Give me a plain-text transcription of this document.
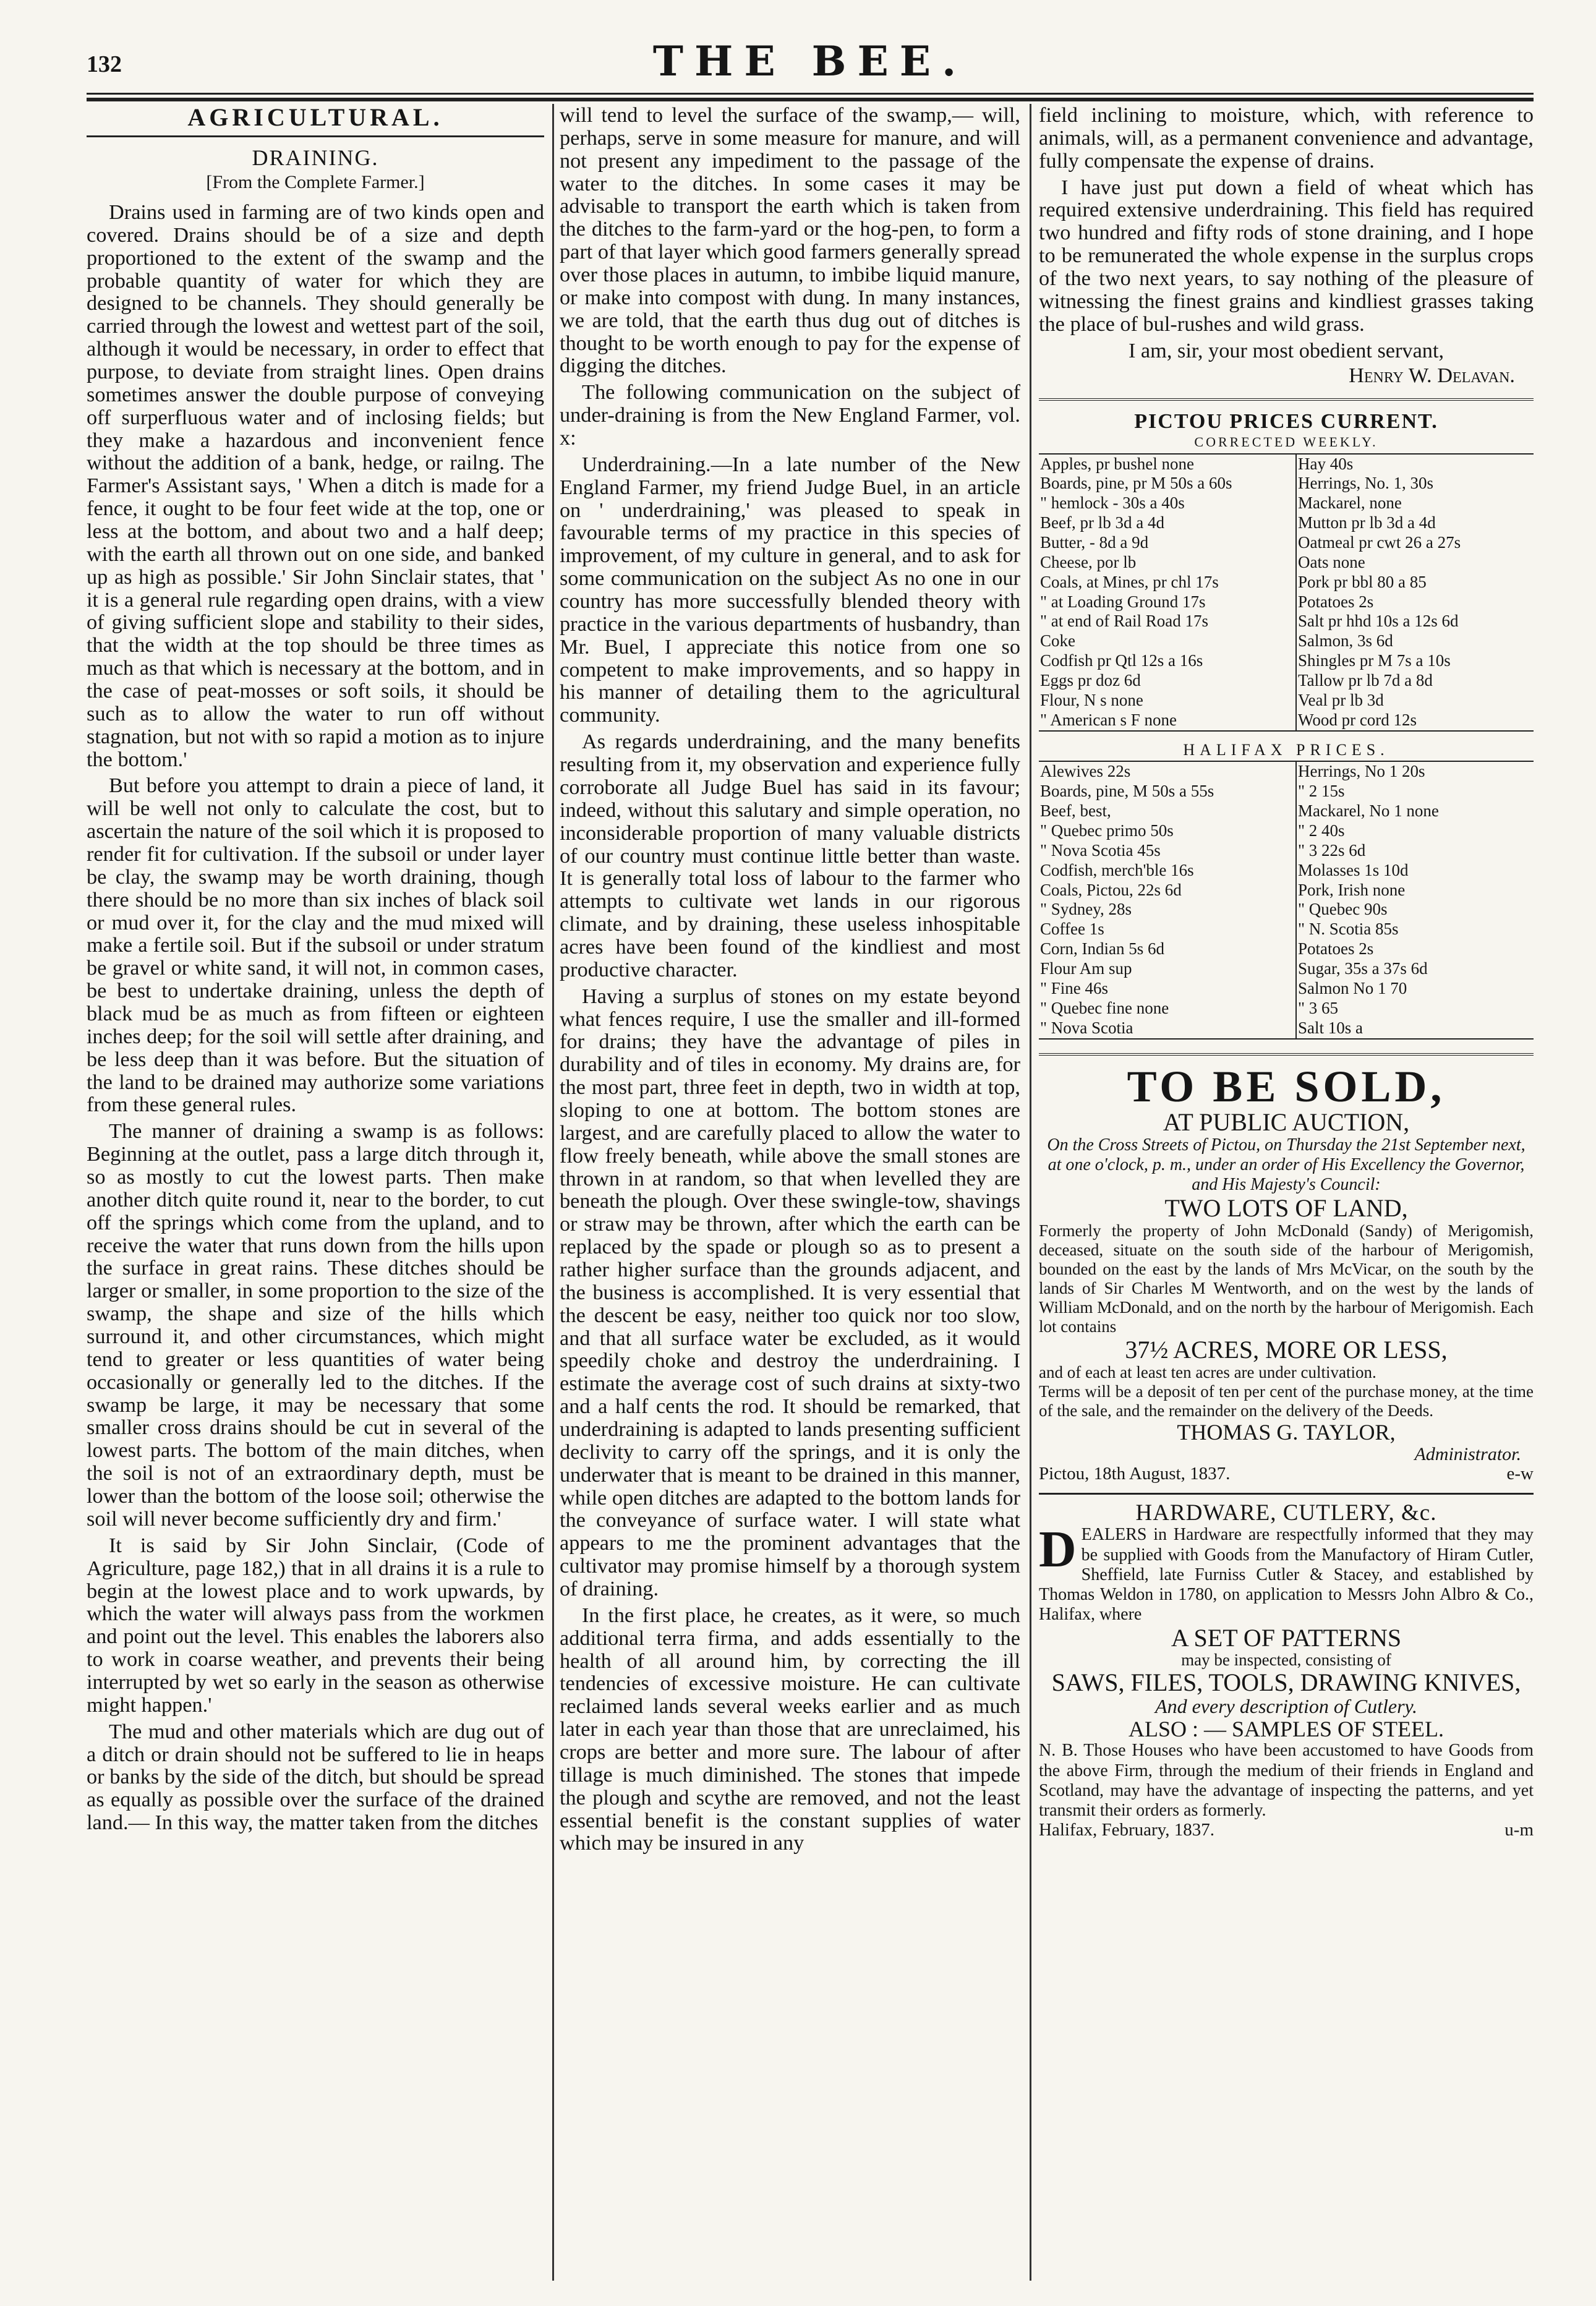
132	THE BEE.
AGRICULTURAL.
DRAINING.
[From the Complete Farmer.]

Drains used in farming are of two kinds open and covered. Drains should be of a size and depth proportioned to the extent of the swamp and the probable quantity of water for which they are designed to be channels. They should generally be carried through the lowest and wettest part of the soil, although it would be necessary, in order to effect that purpose, to deviate from straight lines. Open drains sometimes answer the double purpose of conveying off surperfluous water and of inclosing fields; but they make a hazardous and inconvenient fence without the addition of a bank, hedge, or railng. The Farmer's Assistant says, ' When a ditch is made for a fence, it ought to be four feet wide at the top, one or less at the bottom, and about two and a half deep; with the earth all thrown out on one side, and banked up as high as possible.' Sir John Sinclair states, that ' it is a general rule regarding open drains, with a view of giving sufficient slope and stability to their sides, that the width at the top should be three times as much as that which is necessary at the bottom, and in the case of peat-mosses or soft soils, it should be such as to allow the water to run off without stagnation, but not with so rapid a motion as to injure the bottom.'

But before you attempt to drain a piece of land, it will be well not only to calculate the cost, but to ascertain the nature of the soil which it is proposed to render fit for cultivation. If the subsoil or under layer be clay, the swamp may be worth draining, though there should be no more than six inches of black soil or mud over it, for the clay and the mud mixed will make a fertile soil. But if the subsoil or under stratum be gravel or white sand, it will not, in common cases, be best to undertake draining, unless the depth of black mud be as much as from fifteen or eighteen inches deep; for the soil will settle after draining, and be less deep than it was before. But the situation of the land to be drained may authorize some variations from these general rules.

The manner of draining a swamp is as follows: Beginning at the outlet, pass a large ditch through it, so as mostly to cut the lowest parts. Then make another ditch quite round it, near to the border, to cut off the springs which come from the upland, and to receive the water that runs down from the hills upon the surface in great rains. These ditches should be larger or smaller, in some proportion to the size of the swamp, the shape and size of the hills which surround it, and other circumstances, which might tend to greater or less quantities of water being occasionally or generally led to the ditches. If the swamp be large, it may be necessary that some smaller cross drains should be cut in several of the lowest parts. The bottom of the main ditches, when the soil is not of an extraordinary depth, must be lower than the bottom of the loose soil; otherwise the soil will never become sufficiently dry and firm.'

It is said by Sir John Sinclair, (Code of Agriculture, page 182,) that in all drains it is a rule to begin at the lowest place and to work upwards, by which the water will always pass from the workmen and point out the level. This enables the laborers also to work in coarse weather, and prevents their being interrupted by wet so early in the season as otherwise might happen.'

The mud and other materials which are dug out of a ditch or drain should not be suffered to lie in heaps or banks by the side of the ditch, but should be spread as equally as possible over the surface of the drained land.— In this way, the matter taken from the ditches

will tend to level the surface of the swamp,— will, perhaps, serve in some measure for manure, and will not present any impediment to the passage of the water to the ditches. In some cases it may be advisable to transport the earth which is taken from the ditches to the farm-yard or the hog-pen, to form a part of that layer which good farmers generally spread over those places in autumn, to imbibe liquid manure, or make into compost with dung. In many instances, we are told, that the earth thus dug out of ditches is thought to be worth enough to pay for the expense of digging the ditches.

The following communication on the subject of under-draining is from the New England Farmer, vol. x:

Underdraining.—In a late number of the New England Farmer, my friend Judge Buel, in an article on ' underdraining,' was pleased to speak in favourable terms of my practice in this species of improvement, of my culture in general, and to ask for some communication on the subject As no one in our country has more successfully blended theory with practice in the various departments of husbandry, than Mr. Buel, I appreciate this notice from one so competent to make improvements, and so happy in his manner of detailing them to the agricultural community.

As regards underdraining, and the many benefits resulting from it, my observation and experience fully corroborate all Judge Buel has said in its favour; indeed, without this salutary and simple operation, no inconsiderable proportion of many valuable districts of our country must continue little better than waste. It is generally total loss of labour to the farmer who attempts to cultivate wet lands in our rigorous climate, and by draining, these useless inhospitable acres have been found of the kindliest and most productive character.

Having a surplus of stones on my estate beyond what fences require, I use the smaller and ill-formed for drains; they have the advantage of piles in durability and of tiles in economy. My drains are, for the most part, three feet in depth, two in width at top, sloping to one at bottom. The bottom stones are largest, and are carefully placed to allow the water to flow freely beneath, while above the small stones are thrown in at random, so that when levelled they are beneath the plough. Over these swingle-tow, shavings or straw may be thrown, after which the earth can be replaced by the spade or plough so as to present a rather higher surface than the grounds adjacent, and the business is accomplished. It is very essential that the descent be easy, neither too quick nor too slow, and that all surface water be excluded, as it would speedily choke and destroy the underdraining. I estimate the average cost of such drains at sixty-two and a half cents the rod. It should be remarked, that underdraining is adapted to lands presenting sufficient declivity to carry off the springs, and it is only the underwater that is meant to be drained in this manner, while open ditches are adapted to the bottom lands for the conveyance of surface water. I will state what appears to me the prominent advantages that the cultivator may promise himself by a thorough system of draining.

In the first place, he creates, as it were, so much additional terra firma, and adds essentially to the health of all around him, by correcting the ill tendencies of excessive moisture. He can cultivate reclaimed lands several weeks earlier and as much later in each year than those that are unreclaimed, his crops are better and more sure. The labour of after tillage is much diminished. The stones that impede the plough and scythe are removed, and not the least essential benefit is the constant supplies of water which may be insured in any

field inclining to moisture, which, with reference to animals, will, as a permanent convenience and advantage, fully compensate the expense of drains.

I have just put down a field of wheat which has required extensive underdraining. This field has required two hundred and fifty rods of stone draining, and I hope to be remunerated the whole expense in the surplus crops of the two next years, to say nothing of the pleasure of witnessing the finest grains and kindliest grasses taking the place of bul-rushes and wild grass.

I am, sir, your most obedient servant,
Henry W. Delavan.
PICTOU PRICES CURRENT.
CORRECTED WEEKLY.
Apples, pr bushel none	Hay 40s
Boards, pine, pr M 50s a 60s	Herrings, No. 1, 30s
" hemlock - 30s a 40s	Mackarel, none
Beef, pr lb 3d a 4d	Mutton pr lb 3d a 4d
Butter, - 8d a 9d	Oatmeal pr cwt 26 a 27s
Cheese, por lb	Oats none
Coals, at Mines, pr chl 17s	Pork pr bbl 80 a 85
" at Loading Ground 17s	Potatoes 2s
" at end of Rail Road 17s	Salt pr hhd 10s a 12s 6d
Coke	Salmon, 3s 6d
Codfish pr Qtl 12s a 16s	Shingles pr M 7s a 10s
Eggs pr doz 6d	Tallow pr lb 7d a 8d
Flour, N s none	Veal pr lb 3d
" American s F none	Wood pr cord 12s
HALIFAX PRICES.
Alewives 22s	Herrings, No 1 20s
Boards, pine, M 50s a 55s	" 2 15s
Beef, best,	Mackarel, No 1 none
" Quebec primo 50s	" 2 40s
" Nova Scotia 45s	" 3 22s 6d
Codfish, merch'ble 16s	Molasses 1s 10d
Coals, Pictou, 22s 6d	Pork, Irish none
" Sydney, 28s	" Quebec 90s
Coffee 1s	" N. Scotia 85s
Corn, Indian 5s 6d	Potatoes 2s
Flour Am sup	Sugar, 35s a 37s 6d
" Fine 46s	Salmon No 1 70
" Quebec fine none	" 3 65
" Nova Scotia	Salt 10s a
TO BE SOLD,
AT PUBLIC AUCTION,
On the Cross Streets of Pictou, on Thursday the 21st September next, at one o'clock, p. m., under an order of His Excellency the Governor, and His Majesty's Council:
TWO LOTS OF LAND,
Formerly the property of John McDonald (Sandy) of Merigomish, deceased, situate on the south side of the harbour of Merigomish, bounded on the east by the lands of Mrs McVicar, on the south by the lands of Sir Charles M Wentworth, and on the west by the lands of William McDonald, and on the north by the harbour of Merigomish. Each lot contains
37½ ACRES, MORE OR LESS,
and of each at least ten acres are under cultivation.
Terms will be a deposit of ten per cent of the purchase money, at the time of the sale, and the remainder on the delivery of the Deeds.
THOMAS G. TAYLOR,
Administrator.
Pictou, 18th August, 1837.	e-w
HARDWARE, CUTLERY, &c.
DEALERS in Hardware are respectfully informed that they may be supplied with Goods from the Manufactory of Hiram Cutler, Sheffield, late Furniss Cutler & Stacey, and established by Thomas Weldon in 1780, on application to Messrs John Albro & Co., Halifax, where
A SET OF PATTERNS
may be inspected, consisting of
SAWS, FILES, TOOLS, DRAWING KNIVES,
And every description of Cutlery.
ALSO : — SAMPLES OF STEEL.
N. B. Those Houses who have been accustomed to have Goods from the above Firm, through the medium of their friends in England and Scotland, may have the advantage of inspecting the patterns, and yet transmit their orders as formerly.
Halifax, February, 1837.	u-m
